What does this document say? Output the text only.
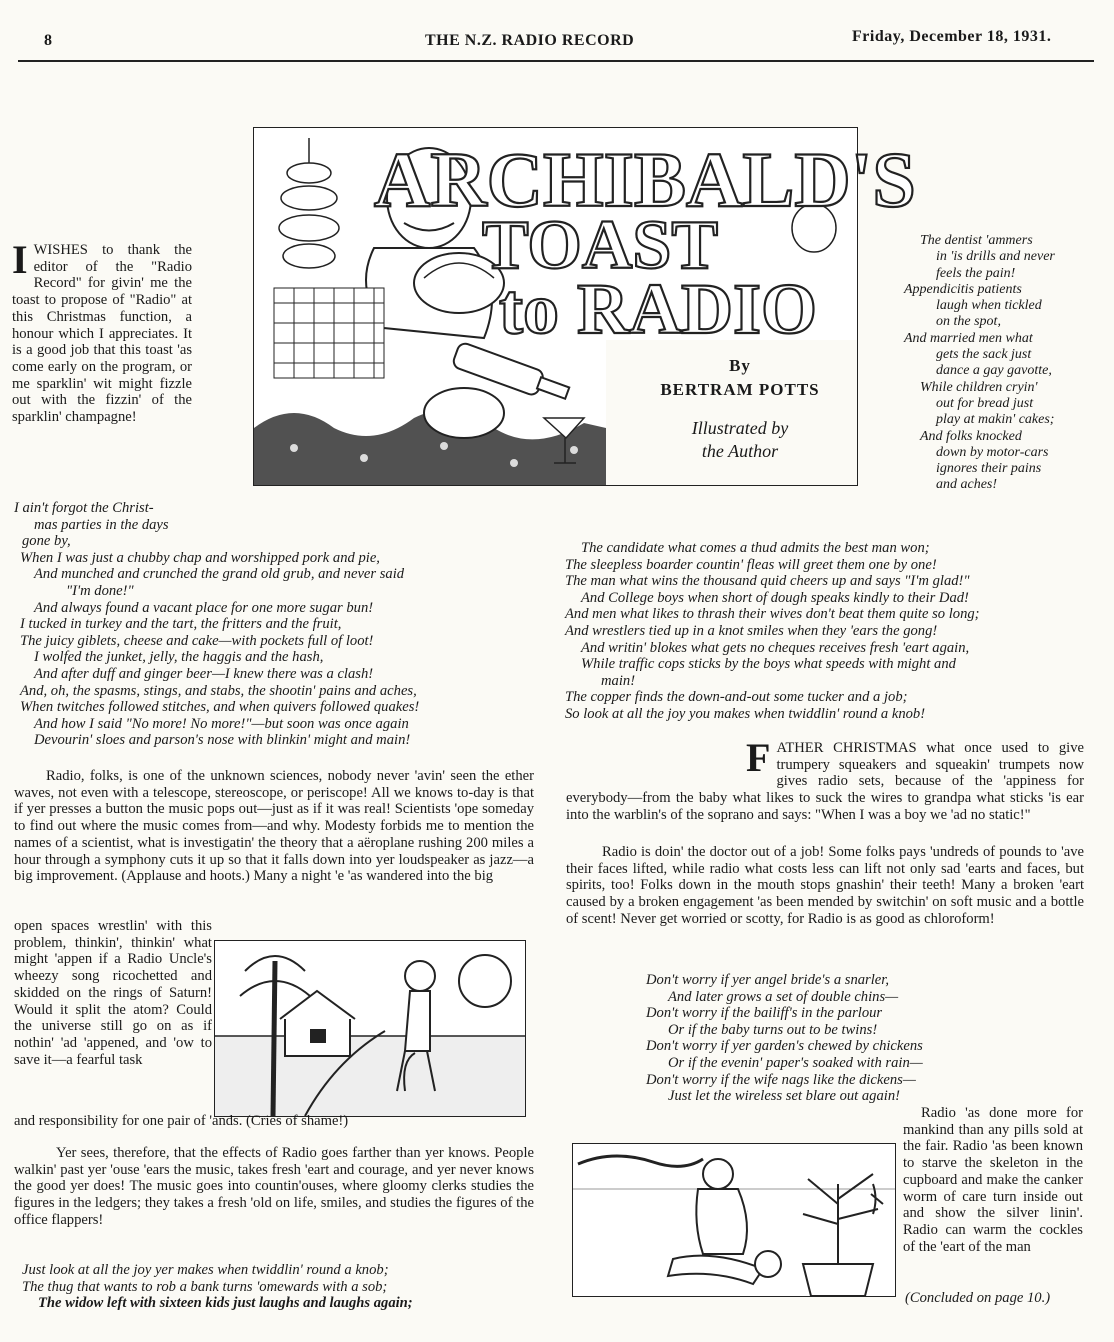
8	THE N.Z. RADIO RECORD	Friday, December 18, 1931.
ARCHIBALD'S
TOAST
to RADIO
By
BERTRAM POTTS
Illustrated by
the Author
IWISHES to thank the editor of the "Radio Record" for givin' me the toast to propose of "Radio" at this Christmas function, a honour which I appreciates. It is a good job that this toast 'as come early on the program, or me sparklin' wit might fizzle out with the fizzin' of the sparklin' champagne!
The dentist 'ammers
in 'is drills and never
feels the pain!
Appendicitis patients
laugh when tickled
on the spot,
And married men what
gets the sack just
dance a gay gavotte,
While children cryin'
out for bread just
play at makin' cakes;
And folks knocked
down by motor-cars
ignores their pains
and aches!
I ain't forgot the Christ-
mas parties in the days
gone by,
When I was just a chubby chap and worshipped pork and pie,
And munched and crunched the grand old grub, and never said
"I'm done!"
And always found a vacant place for one more sugar bun!
I tucked in turkey and the tart, the fritters and the fruit,
The juicy giblets, cheese and cake—with pockets full of loot!
I wolfed the junket, jelly, the haggis and the hash,
And after duff and ginger beer—I knew there was a clash!
And, oh, the spasms, stings, and stabs, the shootin' pains and aches,
When twitches followed stitches, and when quivers followed quakes!
And how I said "No more! No more!"—but soon was once again
Devourin' sloes and parson's nose with blinkin' might and main!
The candidate what comes a thud admits the best man won;
The sleepless boarder countin' fleas will greet them one by one!
The man what wins the thousand quid cheers up and says "I'm glad!"
And College boys when short of dough speaks kindly to their Dad!
And men what likes to thrash their wives don't beat them quite so long;
And wrestlers tied up in a knot smiles when they 'ears the gong!
And writin' blokes what gets no cheques receives fresh 'eart again,
While traffic cops sticks by the boys what speeds with might and
main!
The copper finds the down-and-out some tucker and a job;
So look at all the joy you makes when twiddlin' round a knob!
Radio, folks, is one of the unknown sciences, nobody never 'avin' seen the ether waves, not even with a telescope, stereoscope, or periscope! All we knows to-day is that if yer presses a button the music pops out—just as if it was real! Scientists 'ope someday to find out where the music comes from—and why. Modesty forbids me to mention the names of a scientist, what is investigatin' the theory that a aëroplane rushing 200 miles a hour through a symphony cuts it up so that it falls down into yer loudspeaker as jazz—a big improvement. (Applause and hoots.) Many a night 'e 'as wandered into the big
open spaces wrestlin' with this problem, thinkin', thinkin' what might 'appen if a Radio Uncle's wheezy song ricochetted and skidded on the rings of Saturn! Would it split the atom? Could the universe still go on as if nothin' 'ad 'appened, and 'ow to save it—a fearful task
and responsibility for one pair of 'ands. (Cries of shame!)
Yer sees, therefore, that the effects of Radio goes farther than yer knows. People walkin' past yer 'ouse 'ears the music, takes fresh 'eart and courage, and yer never knows the good yer does! The music goes into countin'ouses, where gloomy clerks studies the figures in the ledgers; they takes a fresh 'old on life, smiles, and studies the figures of the office flappers!
Just look at all the joy yer makes when twiddlin' round a knob;
The thug that wants to rob a bank turns 'omewards with a sob;
The widow left with sixteen kids just laughs and laughs again;
FATHER CHRISTMAS what once used to give trumpery squeakers and squeakin' trumpets now gives radio sets, because of the 'appiness for everybody—from the baby what likes to suck the wires to grandpa what sticks 'is ear into the warblin's of the soprano and says: "When I was a boy we 'ad no static!"
Radio is doin' the doctor out of a job! Some folks pays 'undreds of pounds to 'ave their faces lifted, while radio what costs less can lift not only sad 'earts and faces, but spirits, too! Folks down in the mouth stops gnashin' their teeth! Many a broken 'eart caused by a broken engagement 'as been mended by switchin' on soft music and a bottle of scent! Never get worried or scotty, for Radio is as good as chloroform!
Don't worry if yer angel bride's a snarler,
And later grows a set of double chins—
Don't worry if the bailiff's in the parlour
Or if the baby turns out to be twins!
Don't worry if yer garden's chewed by chickens
Or if the evenin' paper's soaked with rain—
Don't worry if the wife nags like the dickens—
Just let the wireless set blare out again!
Radio 'as done more for mankind than any pills sold at the fair. Radio 'as been known to starve the skeleton in the cupboard and make the canker worm of care turn inside out and show the silver linin'. Radio can warm the cockles of the 'eart of the man
(Concluded on page 10.)
